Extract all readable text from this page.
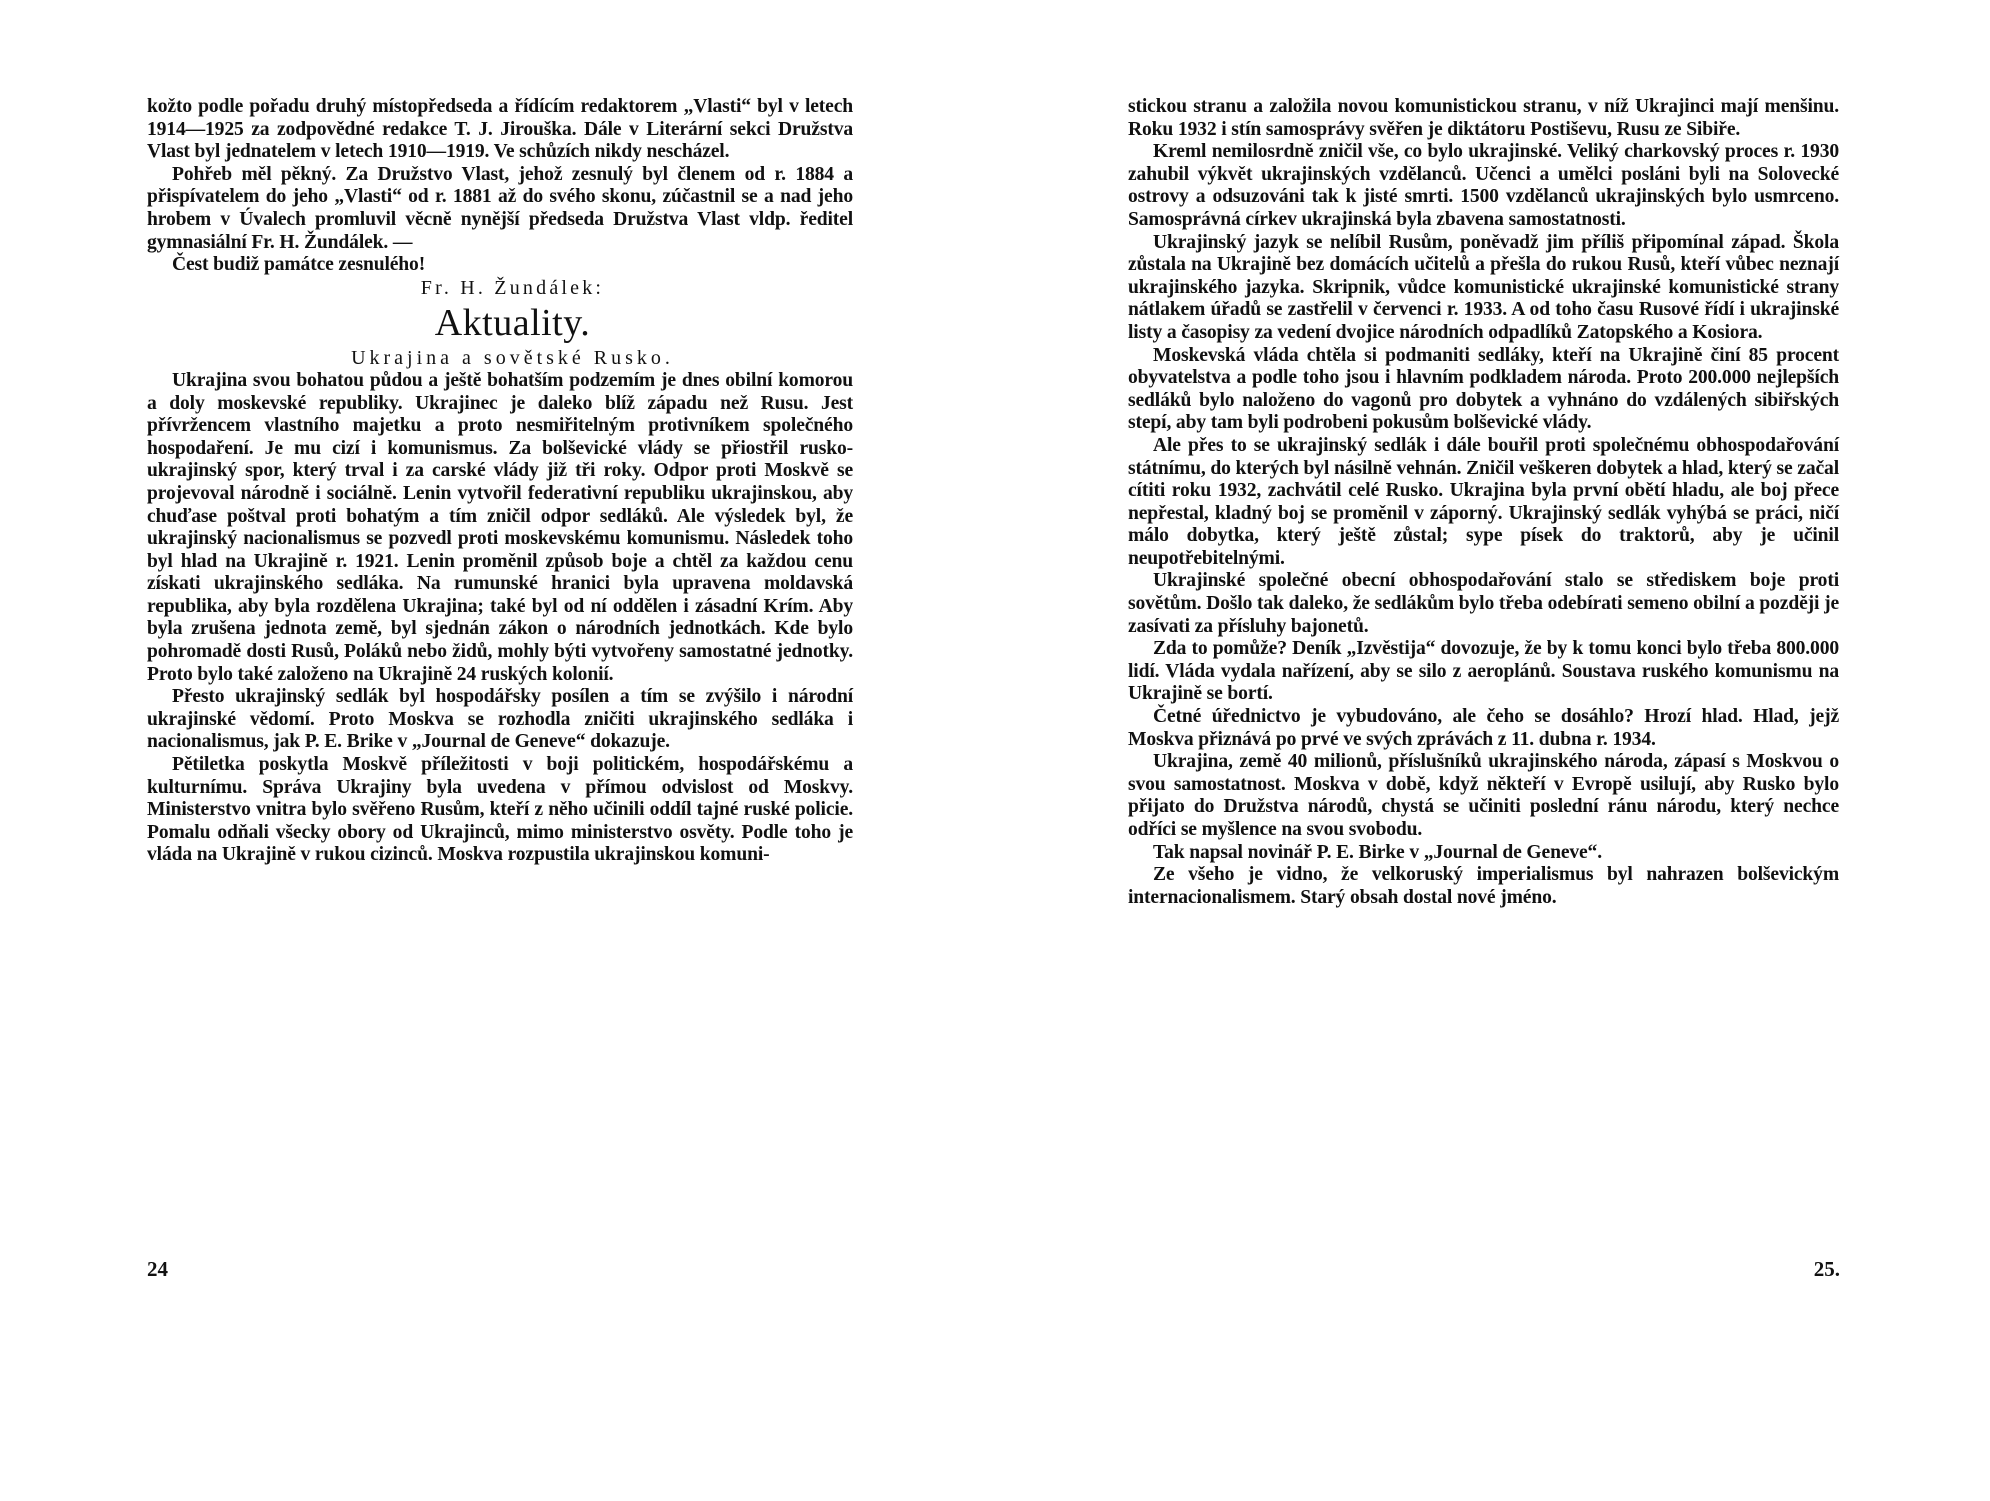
kožto podle pořadu druhý místopředseda a řídícím redaktorem „Vlasti“ byl v letech 1914—1925 za zodpovědné redakce T. J. Jirouška. Dále v Literární sekci Družstva Vlast byl jednatelem v letech 1910—1919. Ve schůzích nikdy nescházel.

Pohřeb měl pěkný. Za Družstvo Vlast, jehož zesnulý byl členem od r. 1884 a přispívatelem do jeho „Vlasti“ od r. 1881 až do svého skonu, zúčastnil se a nad jeho hrobem v Úvalech promluvil věcně nynější předseda Družstva Vlast vldp. ředitel gymnasiální Fr. H. Žundálek. —

Čest budiž památce zesnulého!

Fr. H. Žundálek:

Aktuality.

Ukrajina a sovětské Rusko.

Ukrajina svou bohatou půdou a ještě bohatším podzemím je dnes obilní komorou a doly moskevské republiky. Ukrajinec je daleko blíž západu než Rusu. Jest přívržencem vlastního majetku a proto nesmiřitelným protivníkem společného hospodaření. Je mu cizí i komunismus. Za bolševické vlády se přiostřil rusko-ukrajinský spor, který trval i za carské vlády již tři roky. Odpor proti Moskvě se projevoval národně i sociálně. Lenin vytvořil federativní republiku ukrajinskou, aby chuďase poštval proti bohatým a tím zničil odpor sedláků. Ale výsledek byl, že ukrajinský nacionalismus se pozvedl proti moskevskému komunismu. Následek toho byl hlad na Ukrajině r. 1921. Lenin proměnil způsob boje a chtěl za každou cenu získati ukrajinského sedláka. Na rumunské hranici byla upravena moldavská republika, aby byla rozdělena Ukrajina; také byl od ní oddělen i zásadní Krím. Aby byla zrušena jednota země, byl sjednán zákon o národních jednotkách. Kde bylo pohromadě dosti Rusů, Poláků nebo židů, mohly býti vytvořeny samostatné jednotky. Proto bylo také založeno na Ukrajině 24 ruských kolonií.

Přesto ukrajinský sedlák byl hospodářsky posílen a tím se zvýšilo i národní ukrajinské vědomí. Proto Moskva se rozhodla zničiti ukrajinského sedláka i nacionalismus, jak P. E. Brike v „Journal de Geneve“ dokazuje.

Pětiletka poskytla Moskvě příležitosti v boji politickém, hospodářskému a kulturnímu. Správa Ukrajiny byla uvedena v přímou odvislost od Moskvy. Ministerstvo vnitra bylo svěřeno Rusům, kteří z něho učinili oddíl tajné ruské policie. Pomalu odňali všecky obory od Ukrajinců, mimo ministerstvo osvěty. Podle toho je vláda na Ukrajině v rukou cizinců. Moskva rozpustila ukrajinskou komuni-

24

stickou stranu a založila novou komunistickou stranu, v níž Ukrajinci mají menšinu. Roku 1932 i stín samosprávy svěřen je diktátoru Postiševu, Rusu ze Sibiře.

Kreml nemilosrdně zničil vše, co bylo ukrajinské. Veliký charkovský proces r. 1930 zahubil výkvět ukrajinských vzdělanců. Učenci a umělci posláni byli na Solovecké ostrovy a odsuzováni tak k jisté smrti. 1500 vzdělanců ukrajinských bylo usmrceno. Samosprávná církev ukrajinská byla zbavena samostatnosti.

Ukrajinský jazyk se nelíbil Rusům, poněvadž jim příliš připomínal západ. Škola zůstala na Ukrajině bez domácích učitelů a přešla do rukou Rusů, kteří vůbec neznají ukrajinského jazyka. Skripnik, vůdce komunistické ukrajinské komunistické strany nátlakem úřadů se zastřelil v červenci r. 1933. A od toho času Rusové řídí i ukrajinské listy a časopisy za vedení dvojice národních odpadlíků Zatopského a Kosiora.

Moskevská vláda chtěla si podmaniti sedláky, kteří na Ukrajině činí 85 procent obyvatelstva a podle toho jsou i hlavním podkladem národa. Proto 200.000 nejlepších sedláků bylo naloženo do vagonů pro dobytek a vyhnáno do vzdálených sibiřských stepí, aby tam byli podrobeni pokusům bolševické vlády.

Ale přes to se ukrajinský sedlák i dále bouřil proti společnému obhospodařování státnímu, do kterých byl násilně vehnán. Zničil veškeren dobytek a hlad, který se začal cítiti roku 1932, zachvátil celé Rusko. Ukrajina byla první obětí hladu, ale boj přece nepřestal, kladný boj se proměnil v záporný. Ukrajinský sedlák vyhýbá se práci, ničí málo dobytka, který ještě zůstal; sype písek do traktorů, aby je učinil neupotřebitelnými.

Ukrajinské společné obecní obhospodařování stalo se střediskem boje proti sovětům. Došlo tak daleko, že sedlákům bylo třeba odebírati semeno obilní a později je zasívati za přísluhy bajonetů.

Zda to pomůže? Deník „Izvěstija“ dovozuje, že by k tomu konci bylo třeba 800.000 lidí. Vláda vydala nařízení, aby se silo z aeroplánů. Soustava ruského komunismu na Ukrajině se bortí.

Četné úřednictvo je vybudováno, ale čeho se dosáhlo? Hrozí hlad. Hlad, jejž Moskva přiznává po prvé ve svých zprávách z 11. dubna r. 1934.

Ukrajina, země 40 milionů, příslušníků ukrajinského národa, zápasí s Moskvou o svou samostatnost. Moskva v době, když někteří v Evropě usilují, aby Rusko bylo přijato do Družstva národů, chystá se učiniti poslední ránu národu, který nechce odříci se myšlence na svou svobodu.

Tak napsal novinář P. E. Birke v „Journal de Geneve“.

Ze všeho je vidno, že velkoruský imperialismus byl nahrazen bolševickým internacionalismem. Starý obsah dostal nové jméno.

25.
